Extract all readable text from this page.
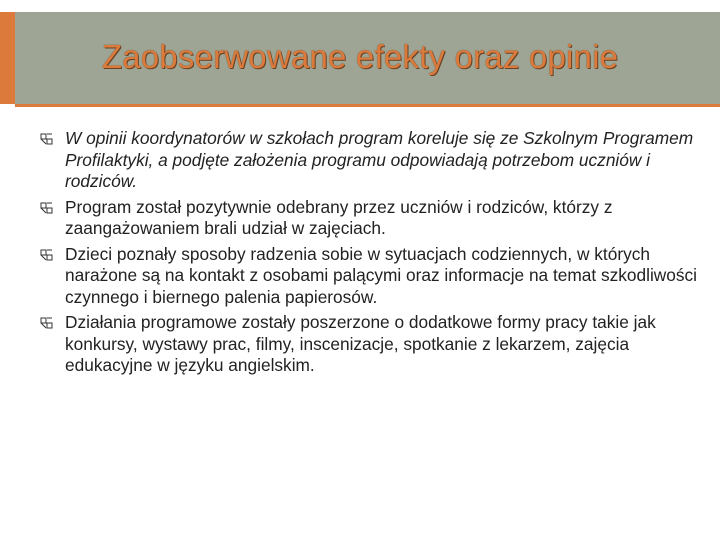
Zaobserwowane efekty oraz opinie
W opinii koordynatorów w szkołach program koreluje się ze Szkolnym Programem Profilaktyki, a podjęte założenia programu odpowiadają potrzebom uczniów i rodziców.
Program został pozytywnie odebrany przez uczniów i rodziców, którzy z zaangażowaniem brali udział w zajęciach.
Dzieci poznały sposoby radzenia sobie w sytuacjach codziennych, w których narażone są na kontakt z osobami palącymi oraz informacje na temat szkodliwości czynnego i biernego palenia papierosów.
Działania programowe zostały poszerzone o dodatkowe formy pracy takie jak konkursy, wystawy prac, filmy, inscenizacje, spotkanie z lekarzem, zajęcia edukacyjne w języku angielskim.
